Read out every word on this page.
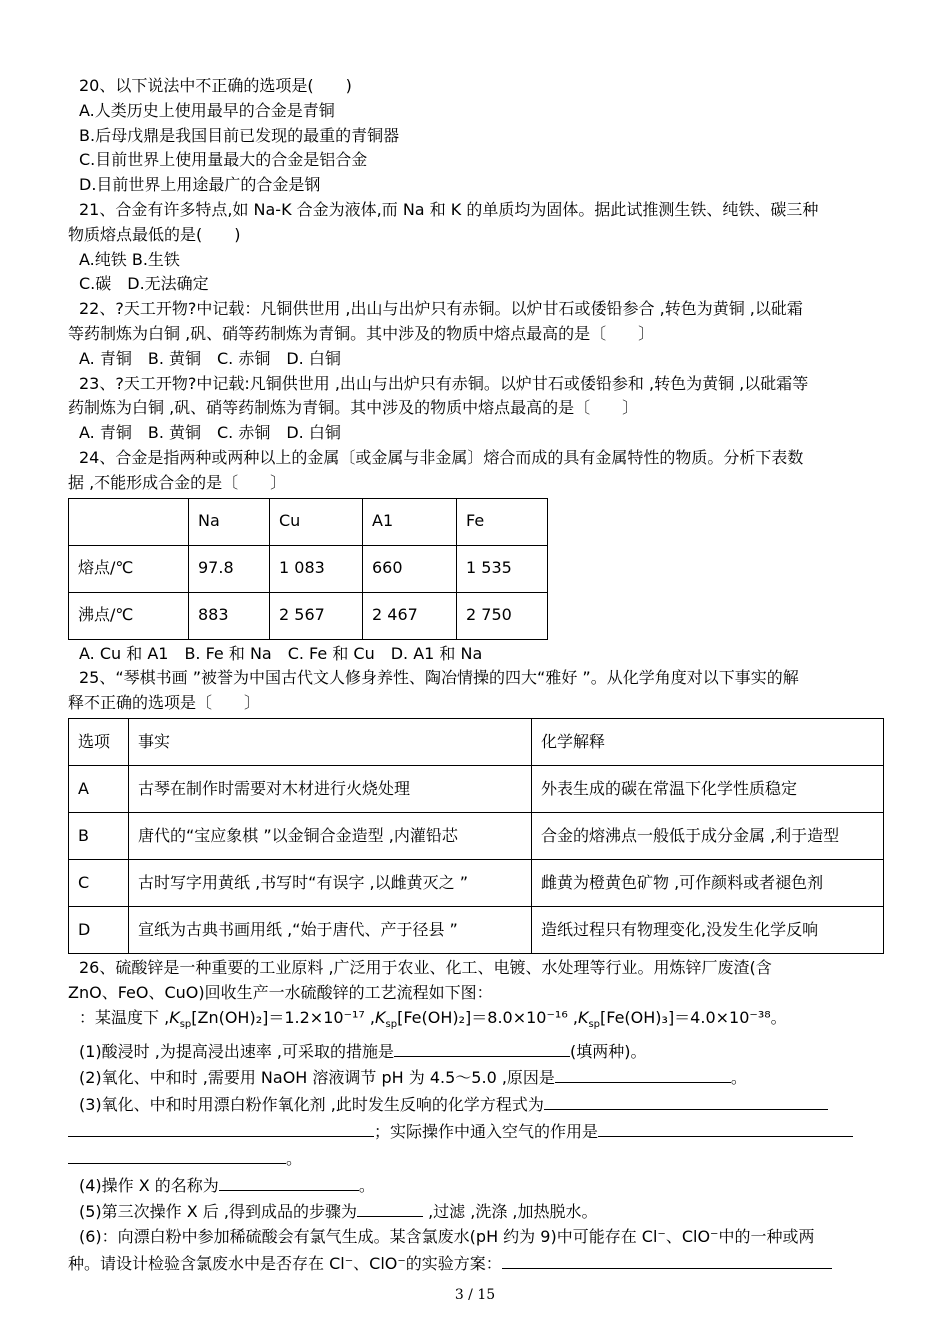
20、以下说法中不正确的选项是(　　)

A.人类历史上使用最早的合金是青铜

B.后母戊鼎是我国目前已发现的最重的青铜器

C.目前世界上使用量最大的合金是铝合金

D.目前世界上用途最广的合金是钢

21、合金有许多特点,如 Na-K 合金为液体,而 Na 和 K 的单质均为固体。据此试推测生铁、纯铁、碳三种

物质熔点最低的是(　　)

A.纯铁 B.生铁

C.碳　D.无法确定

22、?天工开物?中记载：凡铜供世用 ,出山与出炉只有赤铜。以炉甘石或倭铅参合 ,转色为黄铜 ,以砒霜

等药制炼为白铜 ,矾、硝等药制炼为青铜。其中涉及的物质中熔点最高的是〔　　〕

A. 青铜　B. 黄铜　C. 赤铜　D. 白铜

23、?天工开物?中记载:凡铜供世用 ,出山与出炉只有赤铜。以炉甘石或倭铅参和 ,转色为黄铜 ,以砒霜等

药制炼为白铜 ,矾、硝等药制炼为青铜。其中涉及的物质中熔点最高的是〔　　〕

A. 青铜　B. 黄铜　C. 赤铜　D. 白铜

24、合金是指两种或两种以上的金属〔或金属与非金属〕熔合而成的具有金属特性的物质。分析下表数

据 ,不能形成合金的是〔　　〕

	Na	Cu	A1	Fe
熔点/℃	97.8	1 083	660	1 535
沸点/℃	883	2 567	2 467	2 750

A. Cu 和 A1　B. Fe 和 Na　C. Fe 和 Cu　D. A1 和 Na

25、“琴棋书画 ”被誉为中国古代文人修身养性、陶冶情操的四大“雅好 ”。从化学角度对以下事实的解

释不正确的选项是〔　　〕

选项	事实	化学解释
A	古琴在制作时需要对木材进行火烧处理	外表生成的碳在常温下化学性质稳定
B	唐代的“宝应象棋 ”以金铜合金造型 ,内灌铅芯	合金的熔沸点一般低于成分金属 ,利于造型
C	古时写字用黄纸 ,书写时“有误字 ,以雌黄灭之 ”	雌黄为橙黄色矿物 ,可作颜料或者褪色剂
D	宣纸为古典书画用纸 ,“始于唐代、产于径县 ”	造纸过程只有物理变化,没发生化学反响

26、硫酸锌是一种重要的工业原料 ,广泛用于农业、化工、电镀、水处理等行业。用炼锌厂废渣(含

ZnO、FeO、CuO)回收生产一水硫酸锌的工艺流程如下图：

：某温度下 $,K_{sp}[Zn(OH)_2]=1.2\times 10^{-17}$ $,K_{sp}[Fe(OH)_2]=8.0\times 10^{-16}$ $,K_{sp}[Fe(OH)_3]=4.0\times 10^{-38}$。

(1)酸浸时 ,为提高浸出速率 ,可采取的措施是	(填两种)。

(2)氧化、中和时 ,需要用 NaOH 溶液调节 pH 为 4.5～5.0 ,原因是	。

(3)氧化、中和时用漂白粉作氧化剂 ,此时发生反响的化学方程式为

；实际操作中通入空气的作用是

。

(4)操作 X 的名称为	。

(5)第三次操作 X 后 ,得到成品的步骤为	,过滤 ,洗涤 ,加热脱水。

(6)：向漂白粉中参加稀硫酸会有氯气生成。某含氯废水(pH 约为 9)中可能存在 Cl⁻、ClO⁻中的一种或两

种。请设计检验含氯废水中是否存在 Cl⁻、ClO⁻的实验方案：

3 / 15
